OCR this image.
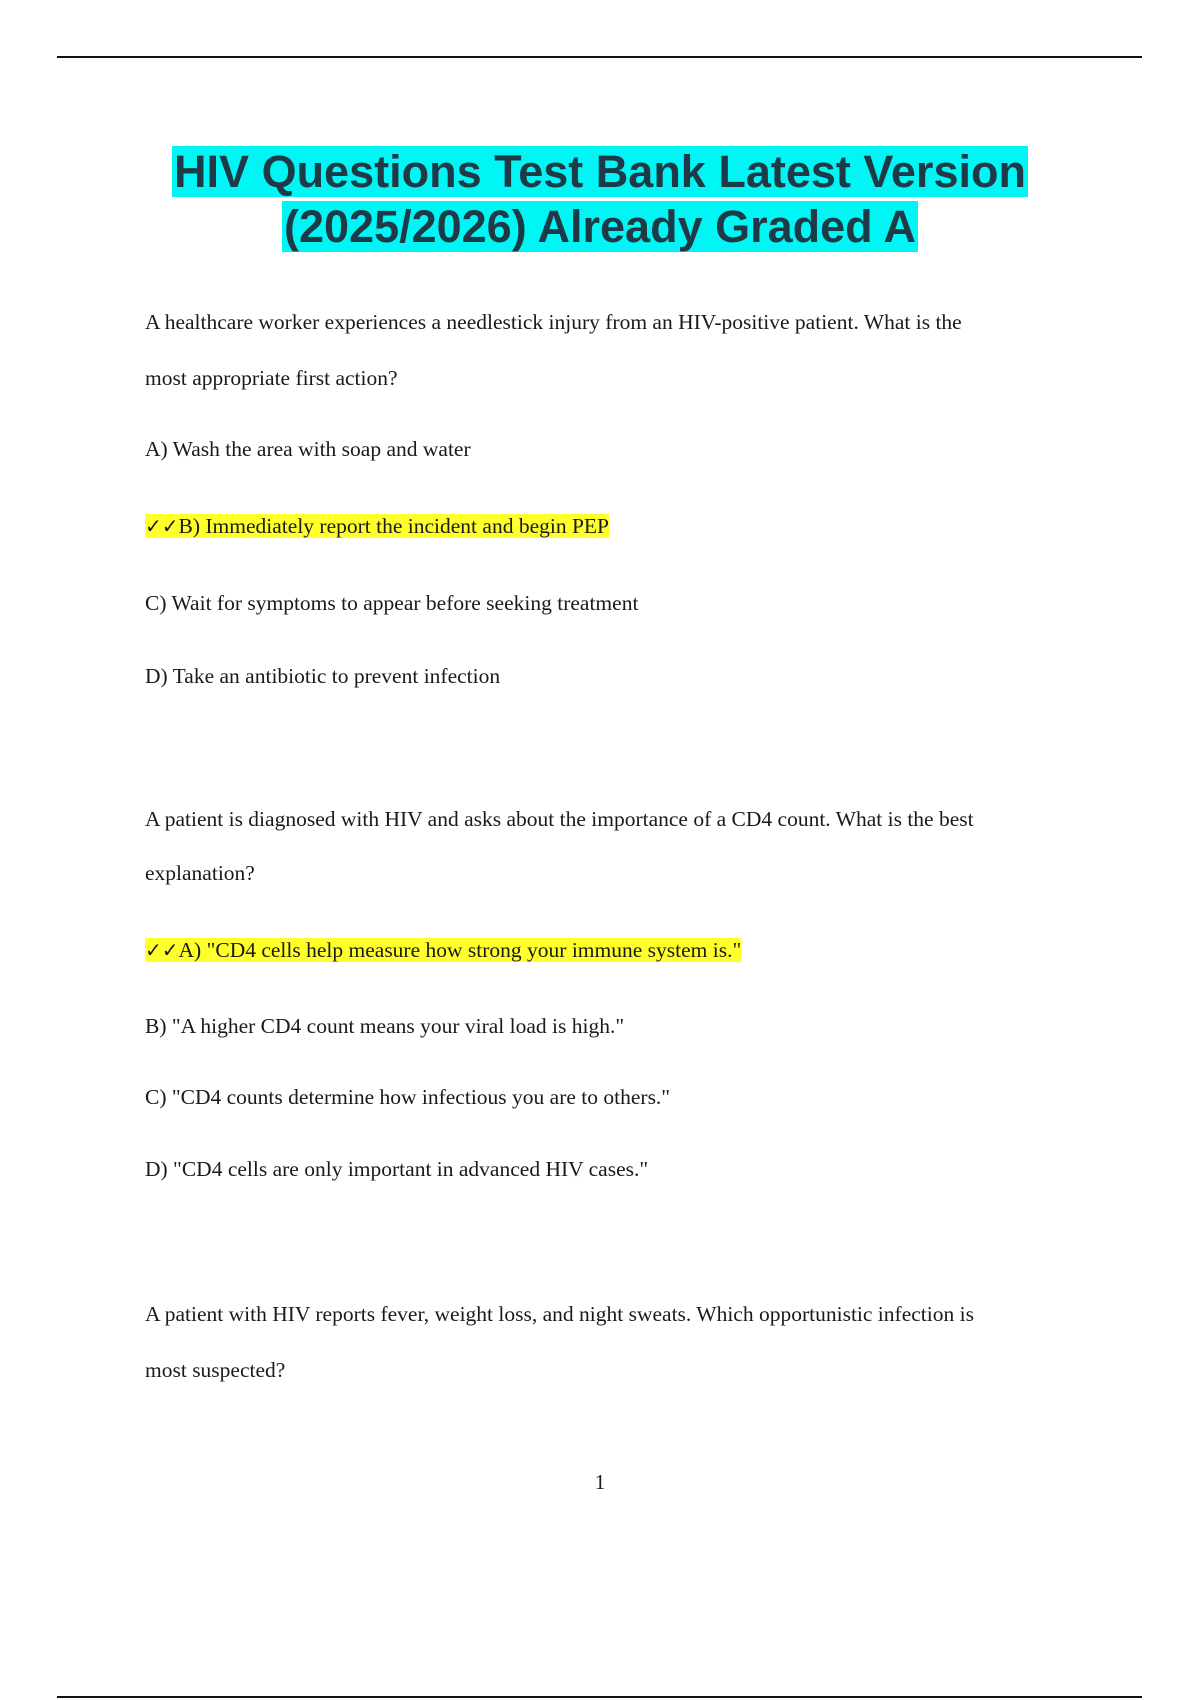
HIV Questions Test Bank Latest Version
(2025/2026) Already Graded A

A healthcare worker experiences a needlestick injury from an HIV-positive patient. What is the

most appropriate first action?

A) Wash the area with soap and water

✓✓B) Immediately report the incident and begin PEP

C) Wait for symptoms to appear before seeking treatment

D) Take an antibiotic to prevent infection

A patient is diagnosed with HIV and asks about the importance of a CD4 count. What is the best

explanation?

✓✓A) "CD4 cells help measure how strong your immune system is."

B) "A higher CD4 count means your viral load is high."

C) "CD4 counts determine how infectious you are to others."

D) "CD4 cells are only important in advanced HIV cases."

A patient with HIV reports fever, weight loss, and night sweats. Which opportunistic infection is

most suspected?

1
